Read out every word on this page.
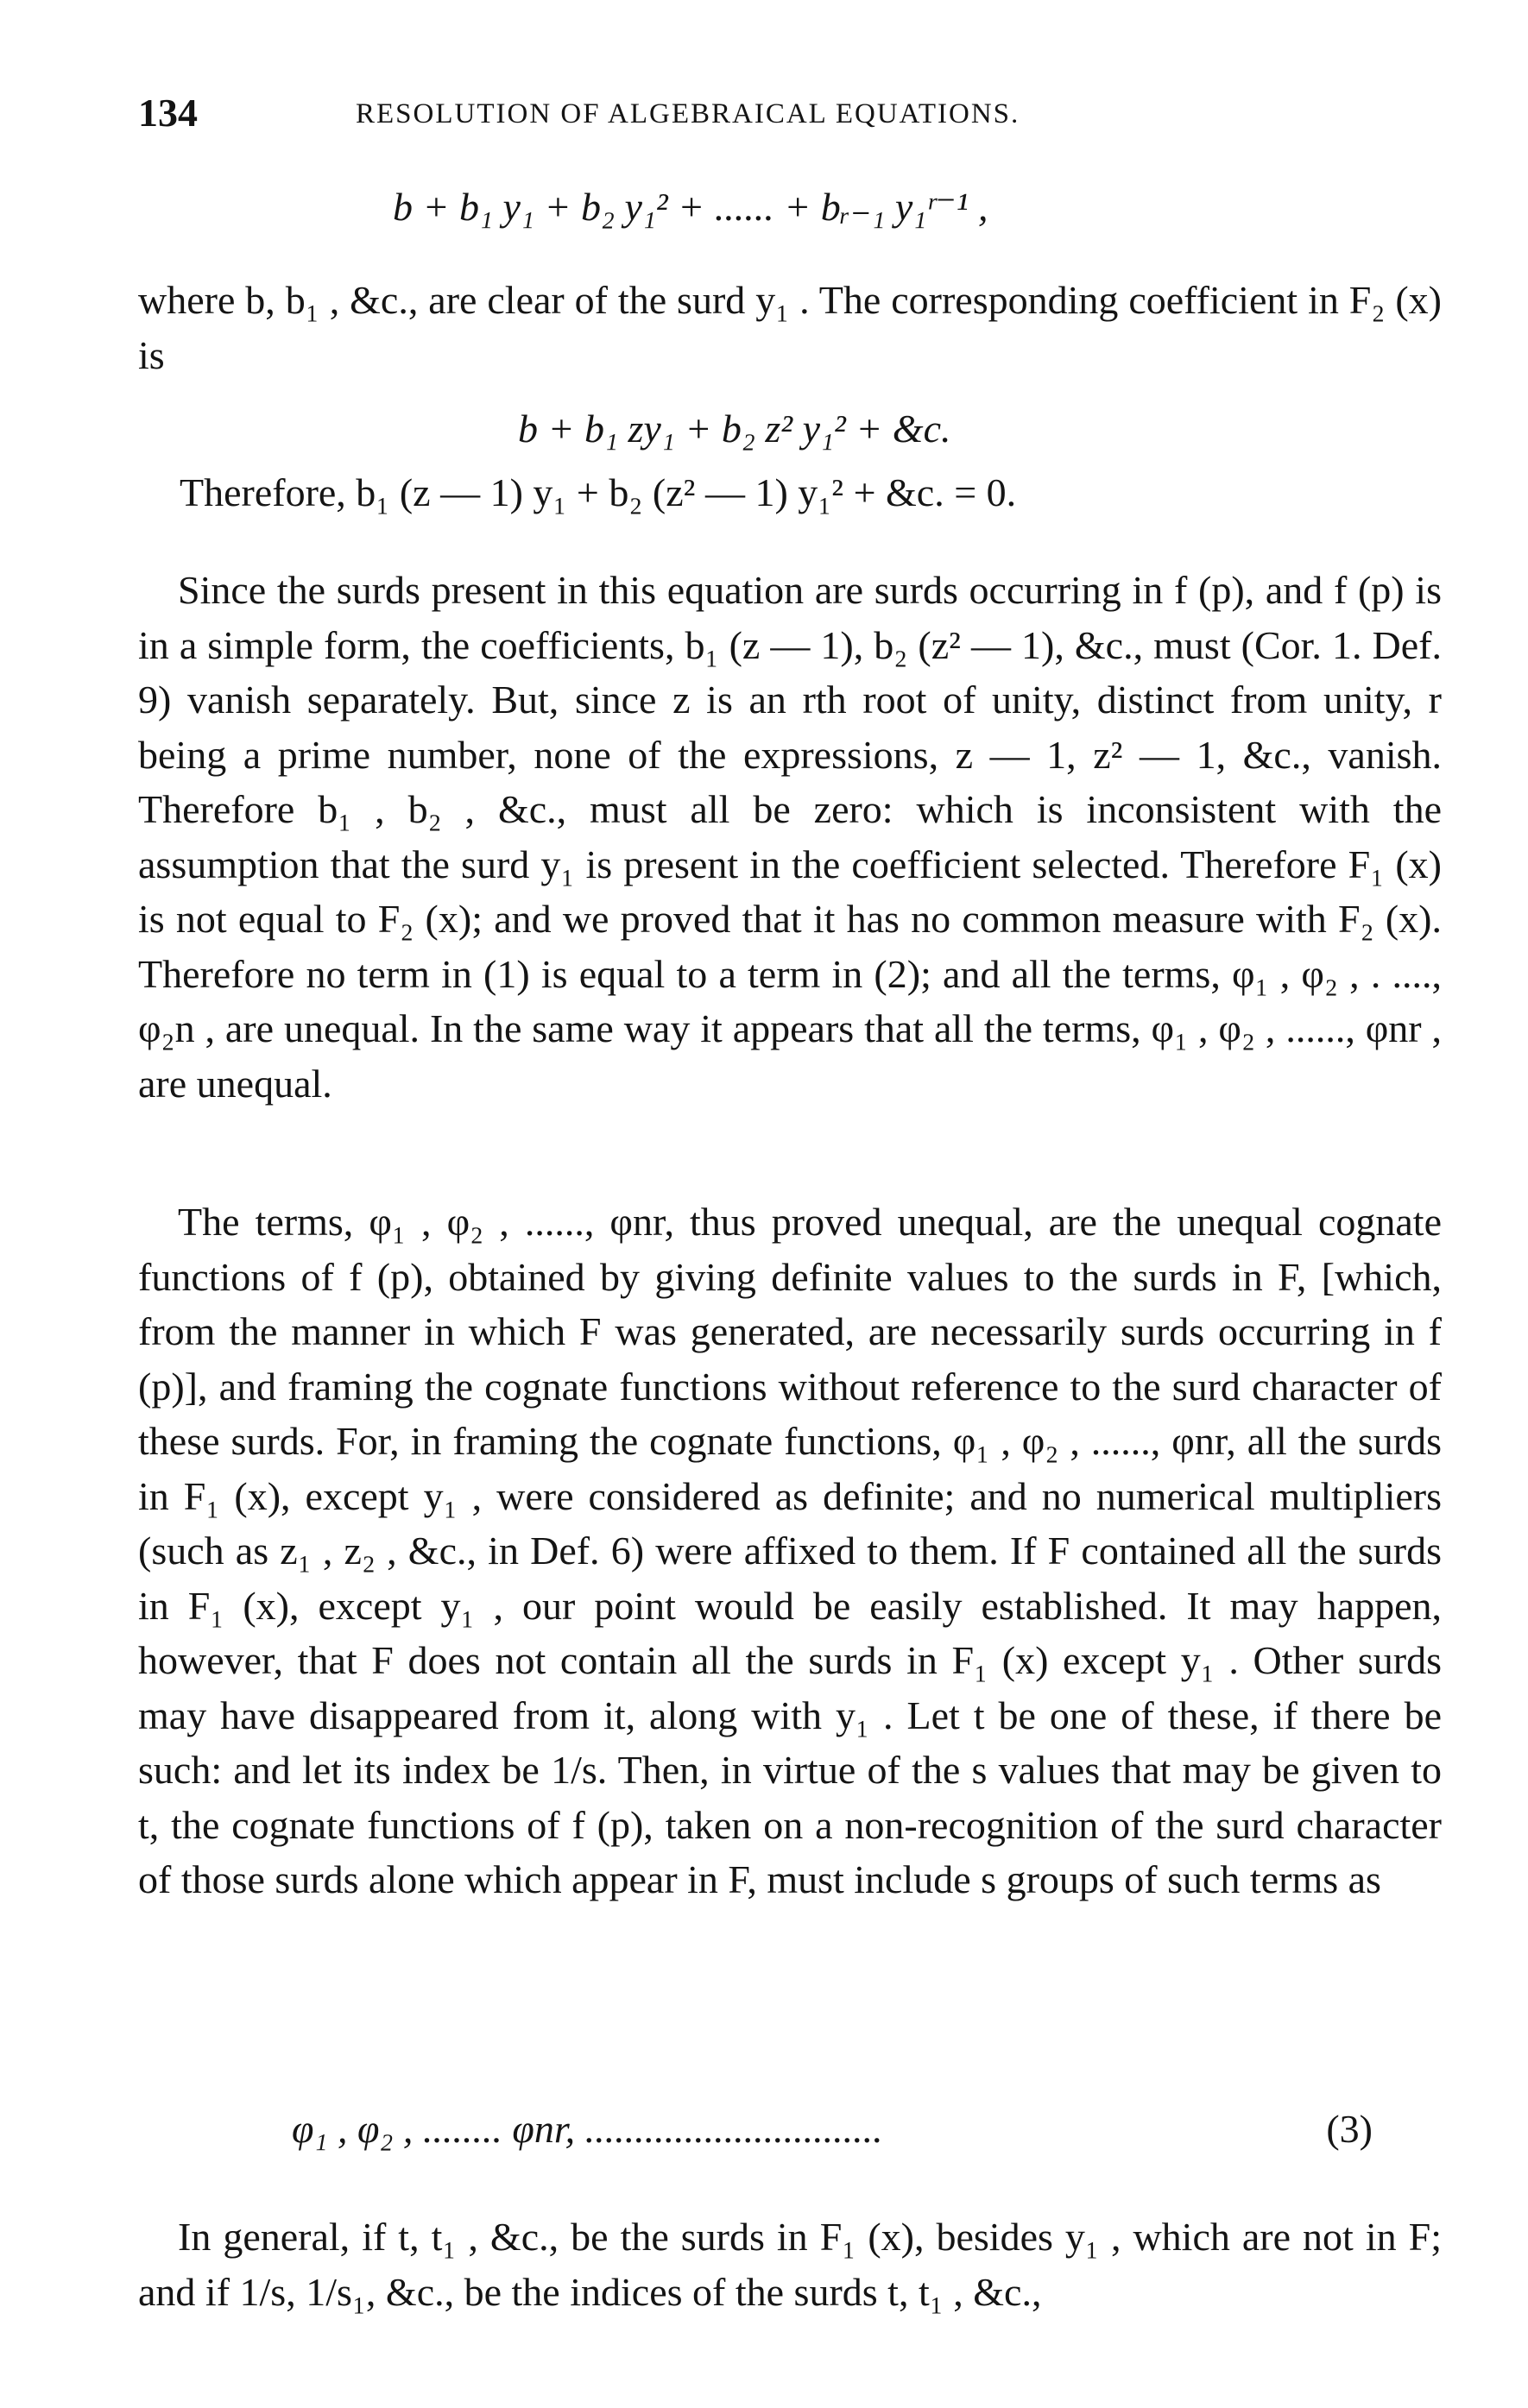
134	RESOLUTION OF ALGEBRAICAL EQUATIONS.
b + b₁ y₁ + b₂ y₁² + ...... + bᵣ₋₁ y₁ʳ⁻¹ ,

where b, b₁ , &c., are clear of the surd y₁ . The corresponding coefficient in F₂ (x) is

b + b₁ zy₁ + b₂ z² y₁² + &c.
Therefore, b₁ (z — 1) y₁ + b₂ (z² — 1) y₁² + &c. = 0.

Since the surds present in this equation are surds occurring in f (p), and f (p) is in a simple form, the coefficients, b₁ (z — 1), b₂ (z² — 1), &c., must (Cor. 1. Def. 9) vanish separately. But, since z is an rth root of unity, distinct from unity, r being a prime number, none of the expressions, z — 1, z² — 1, &c., vanish. Therefore b₁ , b₂ , &c., must all be zero: which is inconsistent with the assumption that the surd y₁ is present in the coefficient selected. Therefore F₁ (x) is not equal to F₂ (x); and we proved that it has no common measure with F₂ (x). Therefore no term in (1) is equal to a term in (2); and all the terms, φ₁ , φ₂ , . ...., φ₂n , are unequal. In the same way it appears that all the terms, φ₁ , φ₂ , ......, φnr , are unequal.

The terms, φ₁ , φ₂ , ......, φnr, thus proved unequal, are the unequal cognate functions of f (p), obtained by giving definite values to the surds in F, [which, from the manner in which F was generated, are necessarily surds occurring in f (p)], and framing the cognate functions without reference to the surd character of these surds. For, in framing the cognate functions, φ₁ , φ₂ , ......, φnr, all the surds in F₁ (x), except y₁ , were considered as definite; and no numerical multipliers (such as z₁ , z₂ , &c., in Def. 6) were affixed to them. If F contained all the surds in F₁ (x), except y₁ , our point would be easily established. It may happen, however, that F does not contain all the surds in F₁ (x) except y₁ . Other surds may have disappeared from it, along with y₁ . Let t be one of these, if there be such: and let its index be 1/s. Then, in virtue of the s values that may be given to t, the cognate functions of f (p), taken on a non-recognition of the surd character of those surds alone which appear in F, must include s groups of such terms as

φ₁ , φ₂ , ........ φnr, ..............................	(3)

In general, if t, t₁ , &c., be the surds in F₁ (x), besides y₁ , which are not in F; and if 1/s, 1/s₁, &c., be the indices of the surds t, t₁ , &c.,
